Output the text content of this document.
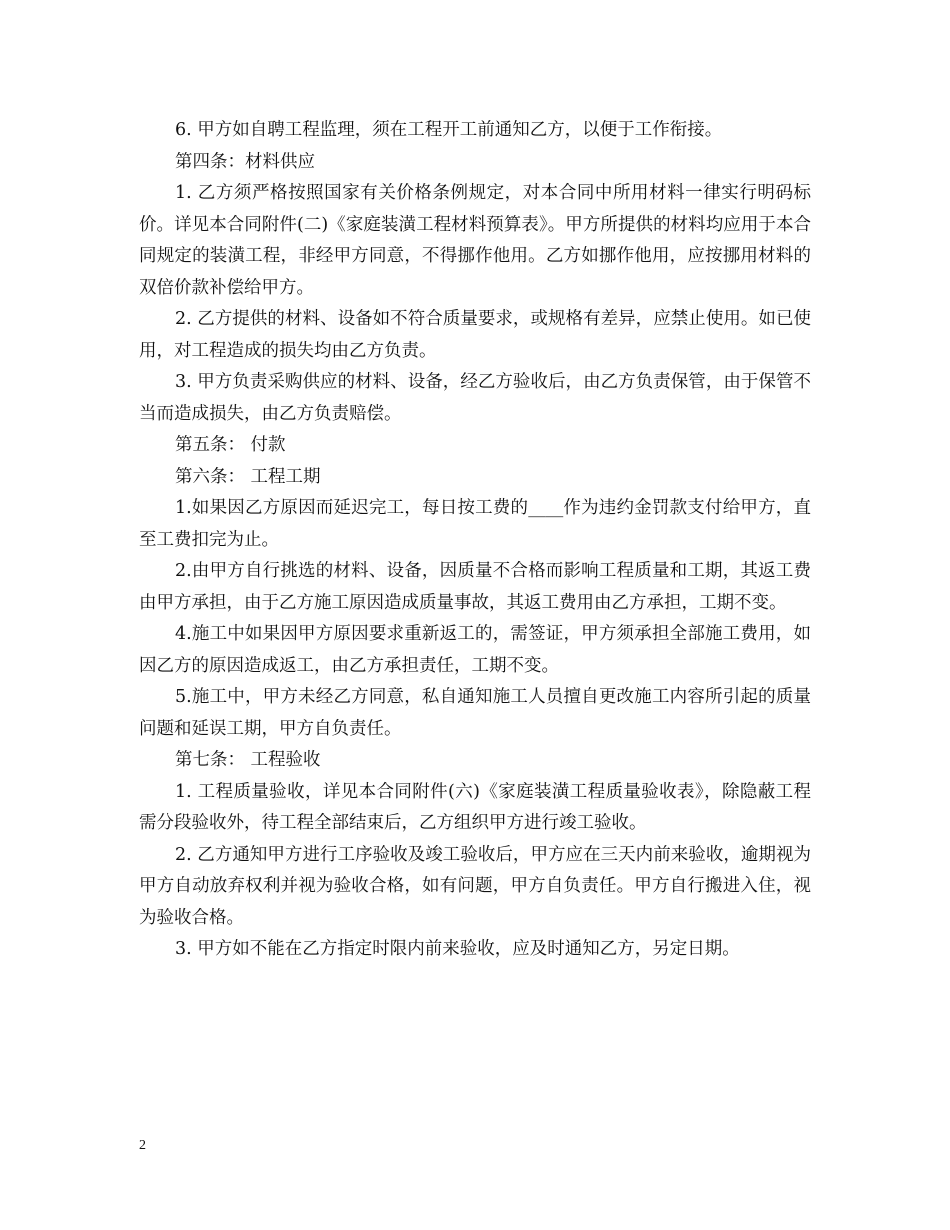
6. 甲方如自聘工程监理，须在工程开工前通知乙方，以便于工作衔接。

第四条：材料供应

1. 乙方须严格按照国家有关价格条例规定，对本合同中所用材料一律实行明码标价。详见本合同附件(二)《家庭装潢工程材料预算表》。甲方所提供的材料均应用于本合同规定的装潢工程，非经甲方同意，不得挪作他用。乙方如挪作他用，应按挪用材料的双倍价款补偿给甲方。

2. 乙方提供的材料、设备如不符合质量要求，或规格有差异，应禁止使用。如已使用，对工程造成的损失均由乙方负责。

3. 甲方负责采购供应的材料、设备，经乙方验收后，由乙方负责保管，由于保管不当而造成损失，由乙方负责赔偿。

第五条： 付款

第六条： 工程工期

1.如果因乙方原因而延迟完工，每日按工费的____作为违约金罚款支付给甲方，直至工费扣完为止。

2.由甲方自行挑选的材料、设备，因质量不合格而影响工程质量和工期，其返工费由甲方承担，由于乙方施工原因造成质量事故，其返工费用由乙方承担，工期不变。

4.施工中如果因甲方原因要求重新返工的，需签证，甲方须承担全部施工费用，如因乙方的原因造成返工，由乙方承担责任，工期不变。

5.施工中，甲方未经乙方同意，私自通知施工人员擅自更改施工内容所引起的质量问题和延误工期，甲方自负责任。

第七条： 工程验收

1. 工程质量验收，详见本合同附件(六)《家庭装潢工程质量验收表》，除隐蔽工程需分段验收外，待工程全部结束后，乙方组织甲方进行竣工验收。

2. 乙方通知甲方进行工序验收及竣工验收后，甲方应在三天内前来验收，逾期视为甲方自动放弃权利并视为验收合格，如有问题，甲方自负责任。甲方自行搬进入住，视为验收合格。

3. 甲方如不能在乙方指定时限内前来验收，应及时通知乙方，另定日期。

2
